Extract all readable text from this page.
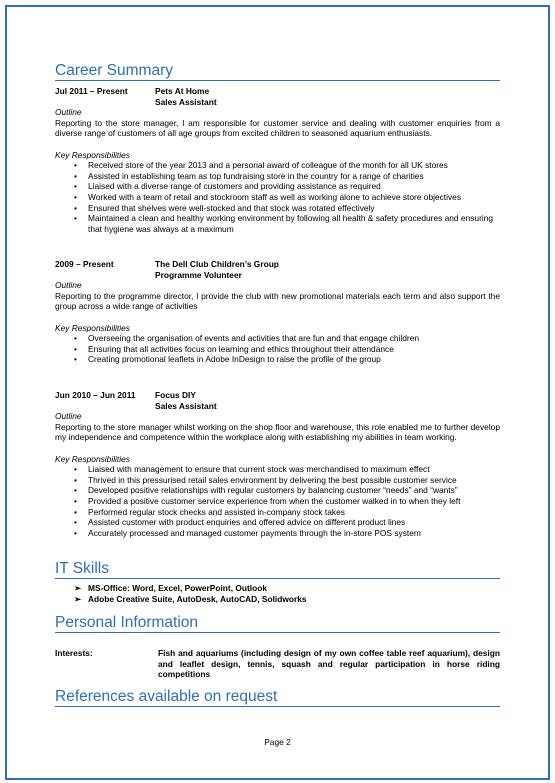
Career Summary
Jul 2011 – Present	Pets At Home
Sales Assistant
Outline
Reporting to the store manager, I am responsible for customer service and dealing with customer enquiries from a diverse range of customers of all age groups from excited children to seasoned aquarium enthusiasts.
Key Responsibilities
• Received store of the year 2013 and a personal award of colleague of the month for all UK stores
• Assisted in establishing team as top fundraising store in the country for a range of charities
• Liaised with a diverse range of customers and providing assistance as required
• Worked with a team of retail and stockroom staff as well as working alone to achieve store objectives
• Ensured that shelves were well-stocked and that stock was rotated effectively
• Maintained a clean and healthy working environment by following all health & safety procedures and ensuring that hygiene was always at a maximum
2009 – Present	The Dell Club Children’s Group
Programme Volunteer
Outline
Reporting to the programme director, I provide the club with new promotional materials each term and also support the group across a wide range of activities
Key Responsibilities
• Overseeing the organisation of events and activities that are fun and that engage children
• Ensuring that all activities focus on learning and ethics throughout their attendance
• Creating promotional leaflets in Adobe InDesign to raise the profile of the group
Jun 2010 – Jun 2011	Focus DIY
Sales Assistant
Outline
Reporting to the store manager whilst working on the shop floor and warehouse, this role enabled me to further develop my independence and competence within the workplace along with establishing my abilities in team working.
Key Responsibilities
• Liaised with management to ensure that current stock was merchandised to maximum effect
• Thrived in this pressurised retail sales environment by delivering the best possible customer service
• Developed positive relationships with regular customers by balancing customer “needs” and “wants”
• Provided a positive customer service experience from when the customer walked in to when they left
• Performed regular stock checks and assisted in-company stock takes
• Assisted customer with product enquiries and offered advice on different product lines
• Accurately processed and managed customer payments through the in-store POS system
IT Skills
➢ MS-Office: Word, Excel, PowerPoint, Outlook
➢ Adobe Creative Suite, AutoDesk, AutoCAD, Solidworks
Personal Information
Interests:	Fish and aquariums (including design of my own coffee table reef aquarium), design and leaflet design, tennis, squash and regular participation in horse riding competitions
References available on request
Page 2
